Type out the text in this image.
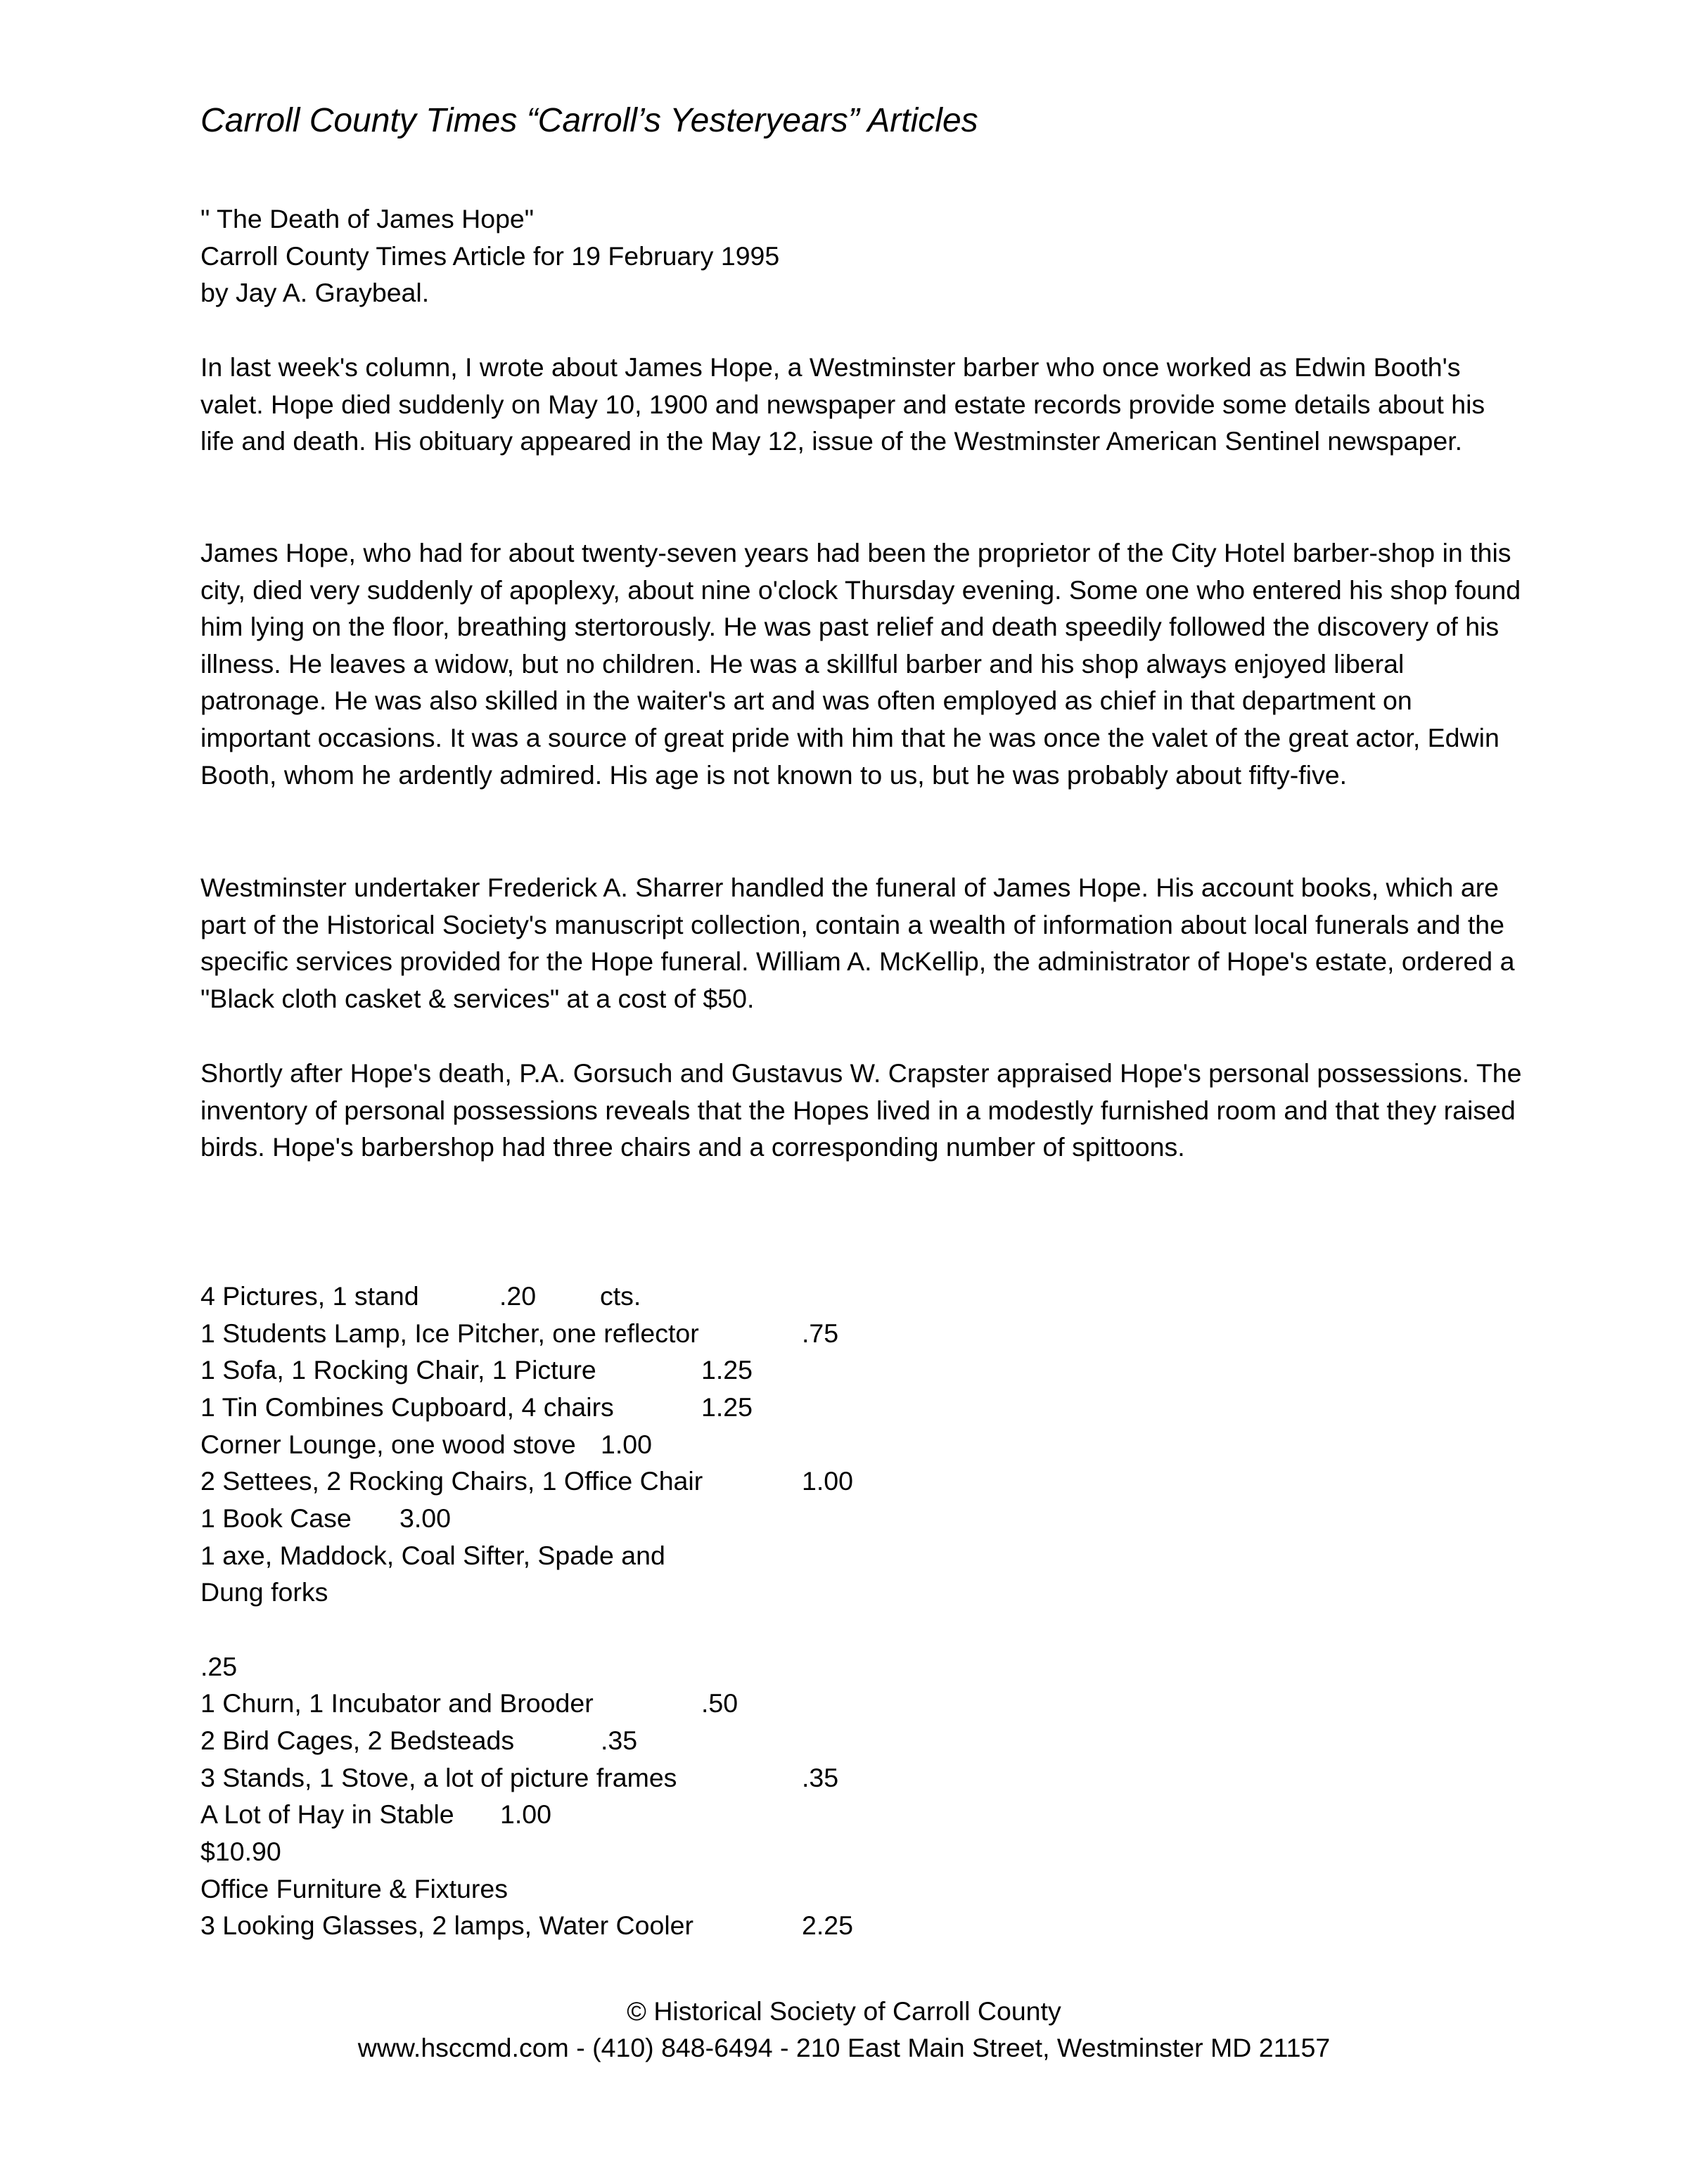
Carroll County Times “Carroll’s Yesteryears” Articles
" The Death of James Hope"
Carroll County Times Article for 19 February 1995
by Jay A. Graybeal.

In last week's column, I wrote about James Hope, a Westminster barber who once worked as Edwin Booth's valet. Hope died suddenly on May 10, 1900 and newspaper and estate records provide some details about his life and death. His obituary appeared in the May 12, issue of the Westminster American Sentinel newspaper.

James Hope, who had for about twenty-seven years had been the proprietor of the City Hotel barber-shop in this city, died very suddenly of apoplexy, about nine o'clock Thursday evening. Some one who entered his shop found him lying on the floor, breathing stertorously. He was past relief and death speedily followed the discovery of his illness. He leaves a widow, but no children. He was a skillful barber and his shop always enjoyed liberal patronage. He was also skilled in the waiter's art and was often employed as chief in that department on important occasions. It was a source of great pride with him that he was once the valet of the great actor, Edwin Booth, whom he ardently admired. His age is not known to us, but he was probably about fifty-five.

Westminster undertaker Frederick A. Sharrer handled the funeral of James Hope. His account books, which are part of the Historical Society's manuscript collection, contain a wealth of information about local funerals and the specific services provided for the Hope funeral. William A. McKellip, the administrator of Hope's estate, ordered a "Black cloth casket & services" at a cost of $50.

Shortly after Hope's death, P.A. Gorsuch and Gustavus W. Crapster appraised Hope's personal possessions. The inventory of personal possessions reveals that the Hopes lived in a modestly furnished room and that they raised birds. Hope's barbershop had three chairs and a corresponding number of spittoons.

4 Pictures, 1 stand	.20 cts.
1 Students Lamp, Ice Pitcher, one reflector	.75
1 Sofa, 1 Rocking Chair, 1 Picture	1.25
1 Tin Combines Cupboard, 4 chairs	1.25
Corner Lounge, one wood stove 1.00
2 Settees, 2 Rocking Chairs, 1 Office Chair	1.00
1 Book Case 3.00
1 axe, Maddock, Coal Sifter, Spade and
Dung forks
.25
1 Churn, 1 Incubator and Brooder	.50
2 Bird Cages, 2 Bedsteads	.35
3 Stands, 1 Stove, a lot of picture frames	.35
A Lot of Hay in Stable 1.00
$10.90
Office Furniture & Fixtures
3 Looking Glasses, 2 lamps, Water Cooler	2.25
© Historical Society of Carroll County
www.hsccmd.com - (410) 848-6494 - 210 East Main Street, Westminster MD 21157
